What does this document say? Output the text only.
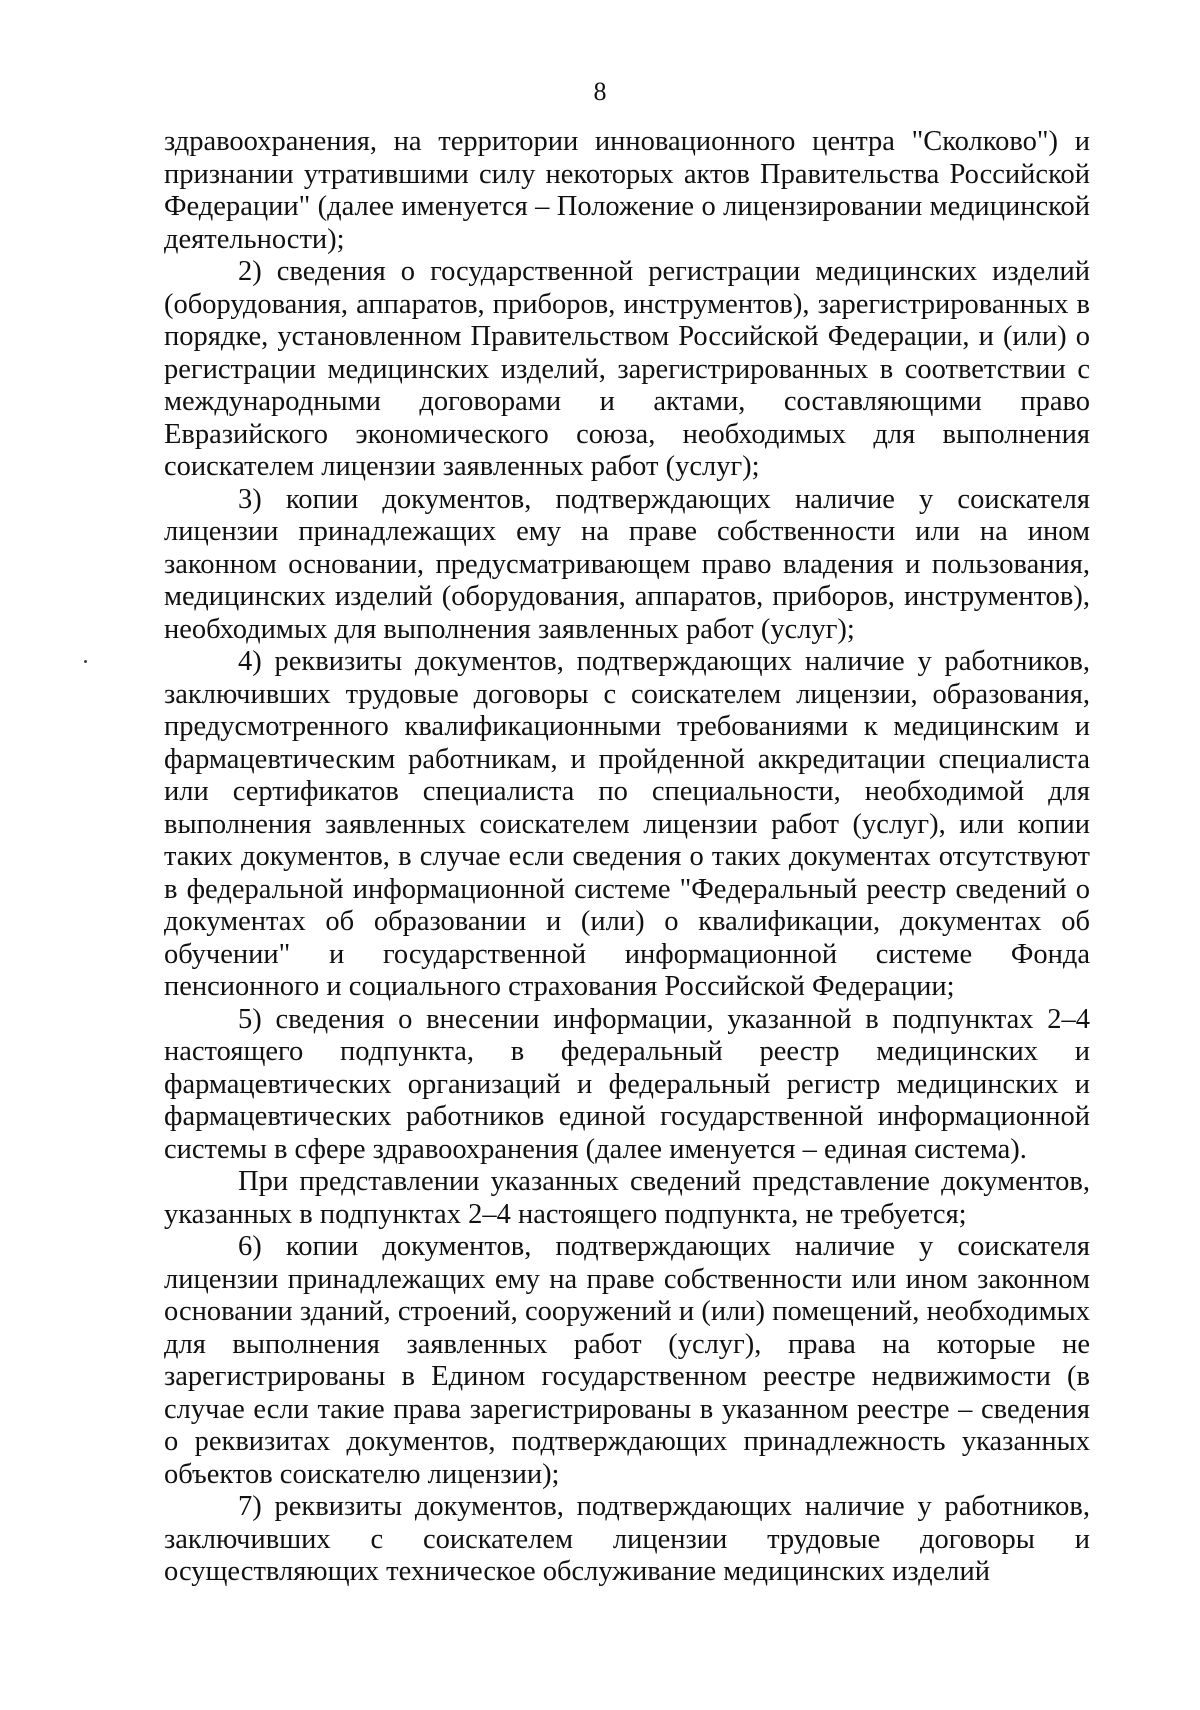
8

здравоохранения, на территории инновационного центра "Сколково") и признании утратившими силу некоторых актов Правительства Российской Федерации" (далее именуется – Положение о лицензировании медицинской деятельности);

2) сведения о государственной регистрации медицинских изделий (оборудования, аппаратов, приборов, инструментов), зарегистрированных в порядке, установленном Правительством Российской Федерации, и (или) о регистрации медицинских изделий, зарегистрированных в соответствии с международными договорами и актами, составляющими право Евразийского экономического союза, необходимых для выполнения соискателем лицензии заявленных работ (услуг);

3) копии документов, подтверждающих наличие у соискателя лицензии принадлежащих ему на праве собственности или на ином законном основании, предусматривающем право владения и пользования, медицинских изделий (оборудования, аппаратов, приборов, инструментов), необходимых для выполнения заявленных работ (услуг);

4) реквизиты документов, подтверждающих наличие у работников, заключивших трудовые договоры с соискателем лицензии, образования, предусмотренного квалификационными требованиями к медицинским и фармацевтическим работникам, и пройденной аккредитации специалиста или сертификатов специалиста по специальности, необходимой для выполнения заявленных соискателем лицензии работ (услуг), или копии таких документов, в случае если сведения о таких документах отсутствуют в федеральной информационной системе "Федеральный реестр сведений о документах об образовании и (или) о квалификации, документах об обучении" и государственной информационной системе Фонда пенсионного и социального страхования Российской Федерации;

5) сведения о внесении информации, указанной в подпунктах 2–4 настоящего подпункта, в федеральный реестр медицинских и фармацевтических организаций и федеральный регистр медицинских и фармацевтических работников единой государственной информационной системы в сфере здравоохранения (далее именуется – единая система).

При представлении указанных сведений представление документов, указанных в подпунктах 2–4 настоящего подпункта, не требуется;

6) копии документов, подтверждающих наличие у соискателя лицензии принадлежащих ему на праве собственности или ином законном основании зданий, строений, сооружений и (или) помещений, необходимых для выполнения заявленных работ (услуг), права на которые не зарегистрированы в Едином государственном реестре недвижимости (в случае если такие права зарегистрированы в указанном реестре – сведения о реквизитах документов, подтверждающих принадлежность указанных объектов соискателю лицензии);

7) реквизиты документов, подтверждающих наличие у работников, заключивших с соискателем лицензии трудовые договоры и осуществляющих техническое обслуживание медицинских изделий
